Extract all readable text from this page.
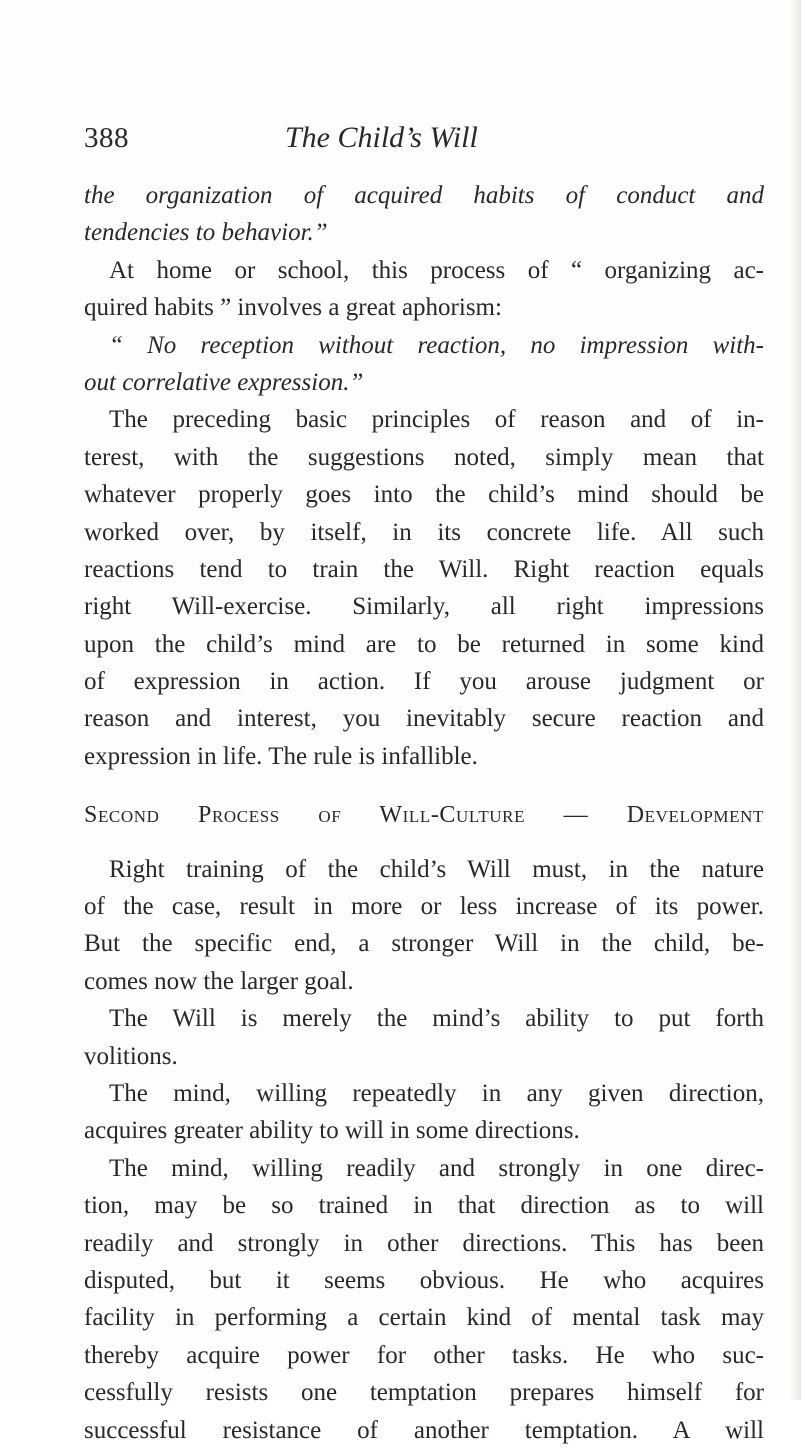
388	The Child’s Will
the organization of acquired habits of conduct and
tendencies to behavior.”
At home or school, this process of “ organizing ac-
quired habits ” involves a great aphorism:
“ No reception without reaction, no impression with-
out correlative expression.”
The preceding basic principles of reason and of in-
terest, with the suggestions noted, simply mean that
whatever properly goes into the child’s mind should be
worked over, by itself, in its concrete life. All such
reactions tend to train the Will. Right reaction equals
right Will-exercise. Similarly, all right impressions
upon the child’s mind are to be returned in some kind
of expression in action. If you arouse judgment or
reason and interest, you inevitably secure reaction and
expression in life. The rule is infallible.
Second Process of Will-Culture — Development
Right training of the child’s Will must, in the nature
of the case, result in more or less increase of its power.
But the specific end, a stronger Will in the child, be-
comes now the larger goal.
The Will is merely the mind’s ability to put forth
volitions.
The mind, willing repeatedly in any given direction,
acquires greater ability to will in some directions.
The mind, willing readily and strongly in one direc-
tion, may be so trained in that direction as to will
readily and strongly in other directions. This has been
disputed, but it seems obvious. He who acquires
facility in performing a certain kind of mental task may
thereby acquire power for other tasks. He who suc-
cessfully resists one temptation prepares himself for
successful resistance of another temptation. A will
